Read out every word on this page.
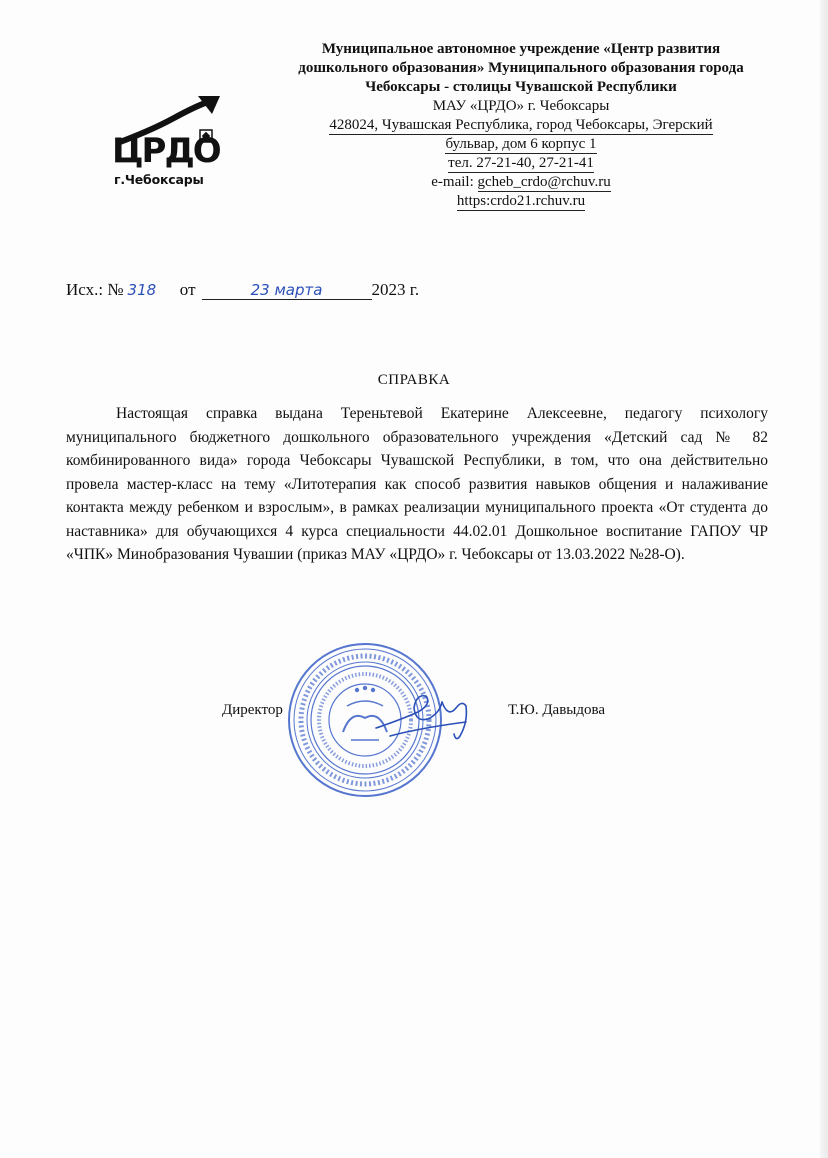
ЦРДО
г.Чебоксары

Муниципальное автономное учреждение «Центр развития дошкольного образования» Муниципального образования города Чебоксары - столицы Чувашской Республики

МАУ «ЦРДО» г. Чебоксары

428024, Чувашская Республика, город Чебоксары, Эгерский

бульвар, дом 6 корпус 1

тел. 27-21-40, 27-21-41

e-mail: gcheb_crdo@rchuv.ru

https:crdo21.rchuv.ru

Исх.: № 318 от	23 марта	2023 г.
СПРАВКА

Настоящая справка выдана Тереньтевой Екатерине Алексеевне, педагогу психологу муниципального бюджетного дошкольного образовательного учреждения «Детский сад № 82 комбинированного вида» города Чебоксары Чувашской Республики, в том, что она действительно провела мастер-класс на тему «Литотерапия как способ развития навыков общения и налаживание контакта между ребенком и взрослым», в рамках реализации муниципального проекта «От студента до наставника» для обучающихся 4 курса специальности 44.02.01 Дошкольное воспитание ГАПОУ ЧР «ЧПК» Минобразования Чувашии (приказ МАУ «ЦРДО» г. Чебоксары от 13.03.2022 №28-О).

Директор	Т.Ю. Давыдова
